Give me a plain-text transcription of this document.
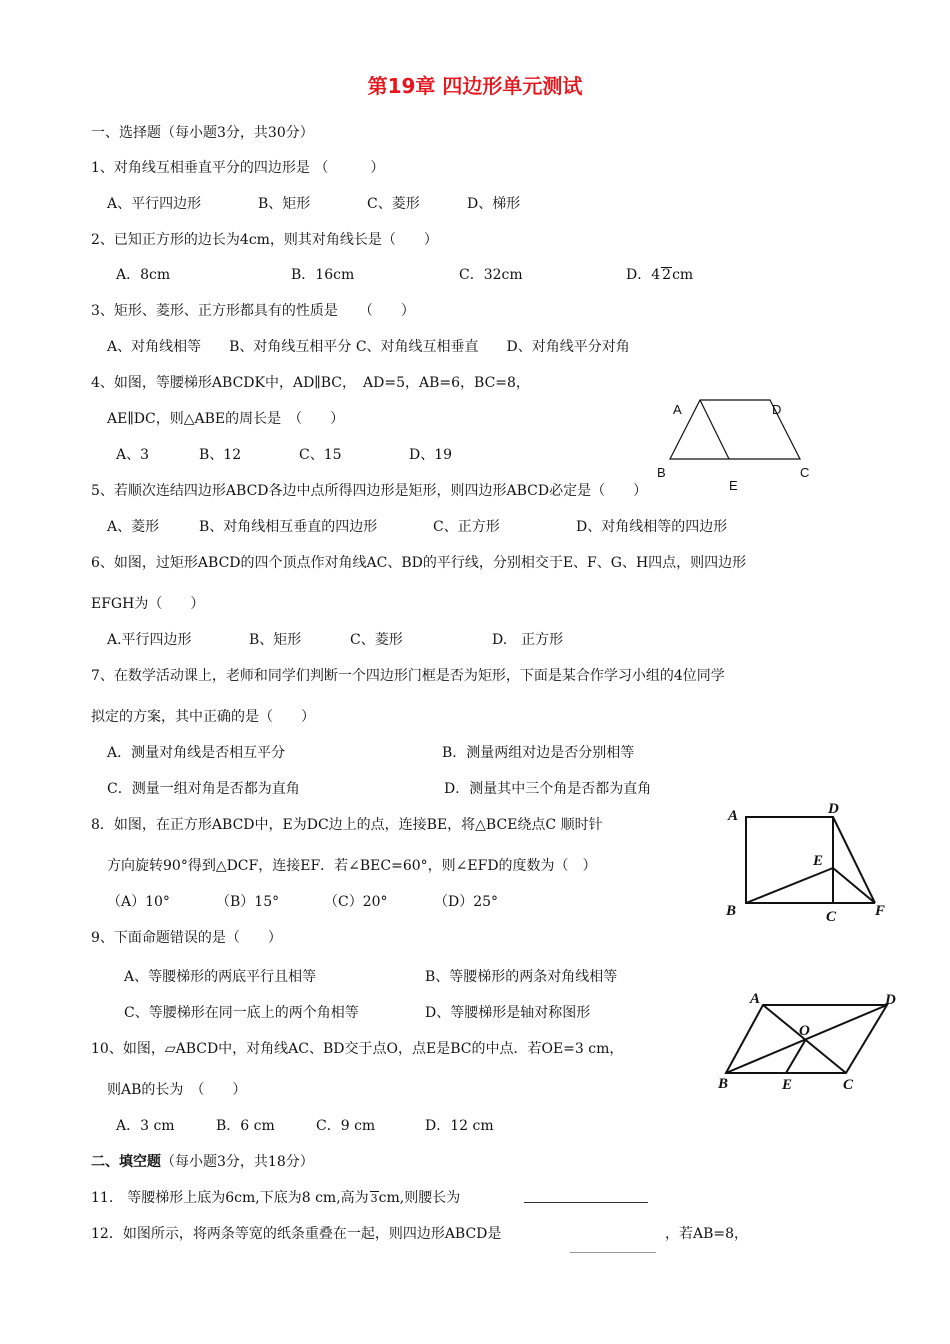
第19章 四边形单元测试
一、选择题（每小题3分，共30分）
1、对角线互相垂直平分的四边形是 （　　　）
A、平行四边形	B、矩形	C、菱形	D、梯形
2、已知正方形的边长为4cm，则其对角线长是（　　）
A．8cm	B．16cm	C．32cm	D．4 2cm
3、矩形、菱形、正方形都具有的性质是　　（　　）
A、对角线相等　　B、对角线互相平分 C、对角线互相垂直　　D、对角线平分对角
4、如图，等腰梯形ABCDK中，AD∥BC，　AD=5，AB=6，BC=8，
AE∥DC，则△ABE的周长是　（　　）
A、3	B、12	C、15	D、19
A	D
B	C
E
5、若顺次连结四边形ABCD各边中点所得四边形是矩形，则四边形ABCD必定是（　　）
A、菱形	B、对角线相互垂直的四边形	C、正方形	D、对角线相等的四边形
6、如图，过矩形ABCD的四个顶点作对角线AC、BD的平行线，分别相交于E、F、G、H四点，则四边形
EFGH为（　　）
A.平行四边形	B、矩形	C、菱形	D.　正方形
7、在数学活动课上，老师和同学们判断一个四边形门框是否为矩形，下面是某合作学习小组的4位同学
拟定的方案，其中正确的是（　　）
A．测量对角线是否相互平分	B．测量两组对边是否分别相等
C．测量一组对角是否都为直角	D．测量其中三个角是否都为直角
8．如图，在正方形ABCD中，E为DC边上的点，连接BE，将△BCE绕点C 顺时针
方向旋转90°得到△DCF，连接EF．若∠BEC=60°，则∠EFD的度数为（　）
（A）10°	（B）15°	（C）20°	（D）25°
A	D
E
B	C	F
9、下面命题错误的是（　　）
A、等腰梯形的两底平行且相等	B、等腰梯形的两条对角线相等
C、等腰梯形在同一底上的两个角相等	D、等腰梯形是轴对称图形
10、如图，▱ABCD中，对角线AC、BD交于点O，点E是BC的中点．若OE=3 cm，
则AB的长为　（　　）
A．3 cm	B．6 cm	C．9 cm	D．12 cm
A	D
O
B	E	C
二、填空题（每小题3分，共18分）
11.　等腰梯形上底为6cm,下底为8 cm,高为 3cm,则腰长为
12．如图所示，将两条等宽的纸条重叠在一起，则四边形ABCD是	，若AB=8，
